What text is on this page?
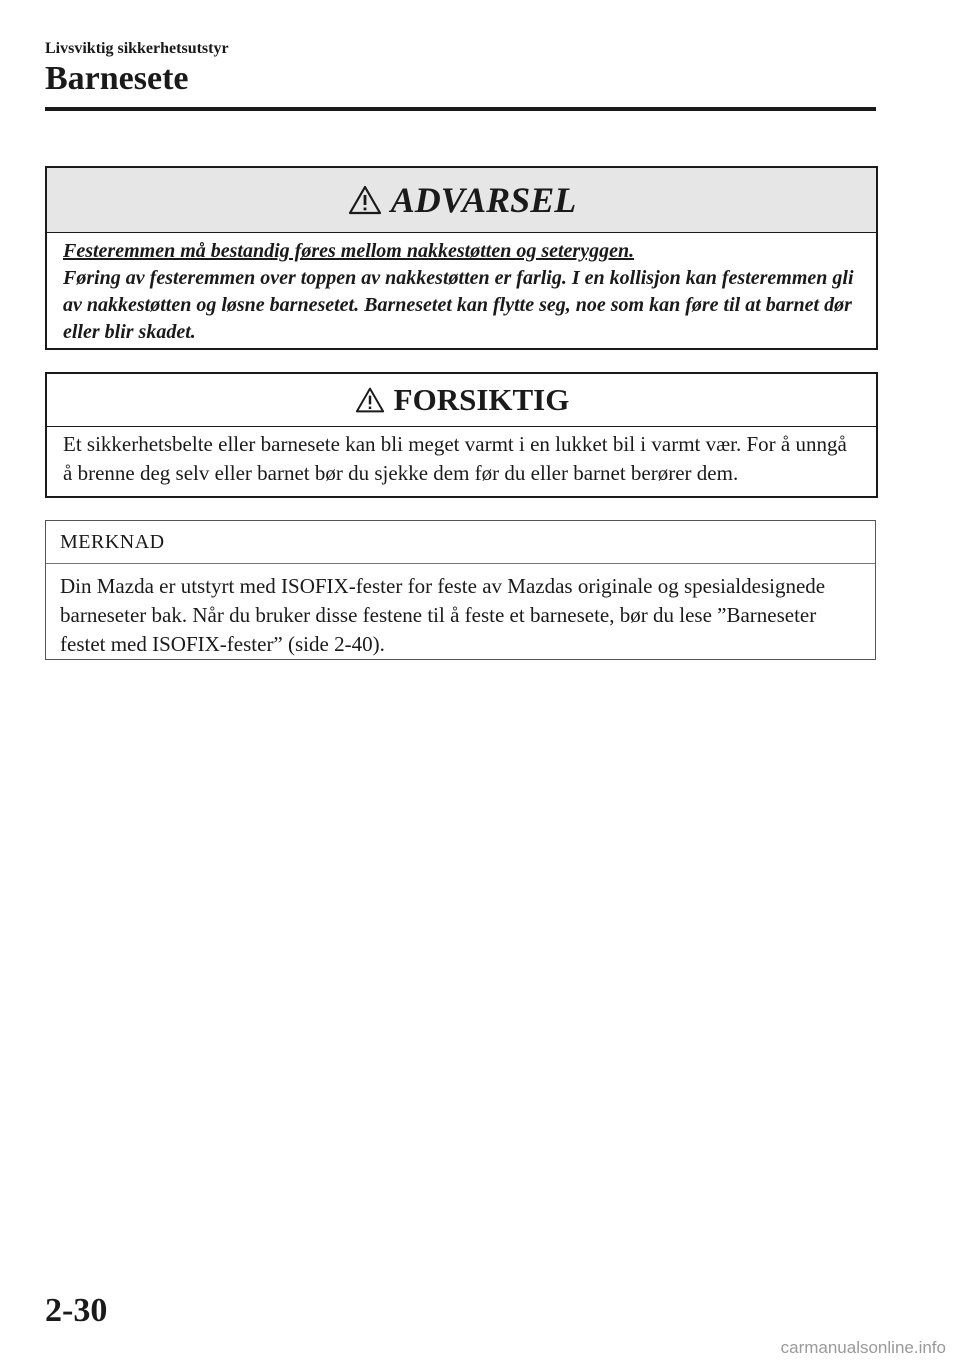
Livsviktig sikkerhetsutstyr
Barnesete
ADVARSEL
Festeremmen må bestandig føres mellom nakkestøtten og seteryggen.
Føring av festeremmen over toppen av nakkestøtten er farlig. I en kollisjon kan festeremmen gli av nakkestøtten og løsne barnesetet. Barnesetet kan flytte seg, noe som kan føre til at barnet dør eller blir skadet.
FORSIKTIG
Et sikkerhetsbelte eller barnesete kan bli meget varmt i en lukket bil i varmt vær. For å unngå å brenne deg selv eller barnet bør du sjekke dem før du eller barnet berører dem.
MERKNAD
Din Mazda er utstyrt med ISOFIX-fester for feste av Mazdas originale og spesialdesignede barneseter bak. Når du bruker disse festene til å feste et barnesete, bør du lese ”Barneseter festet med ISOFIX-fester” (side 2-40).
2-30
carmanualsonline.info
